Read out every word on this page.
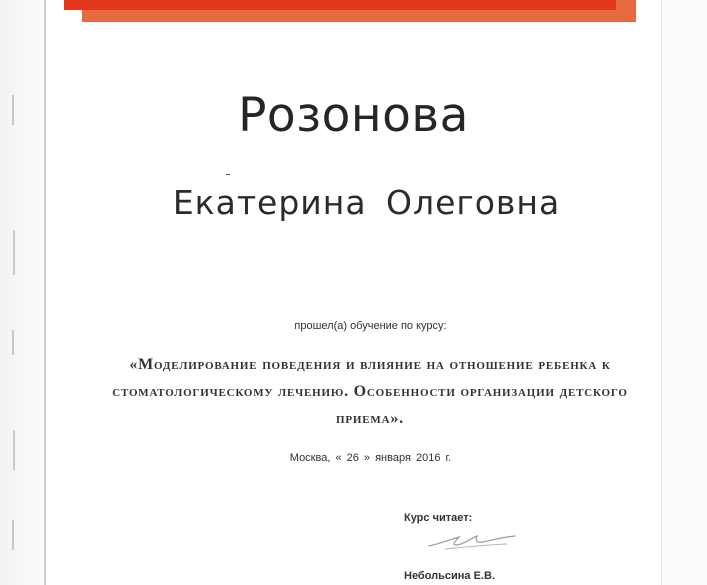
Розонова
Екатерина Олеговна
прошел(а) обучение по курсу:
«Моделирование поведения и влияние на отношение ребенка к стоматологическому лечению. Особенности организации детского приема».
Москва, « 26 » января 2016 г.
Курс читает:
Небольсина Е.В.
